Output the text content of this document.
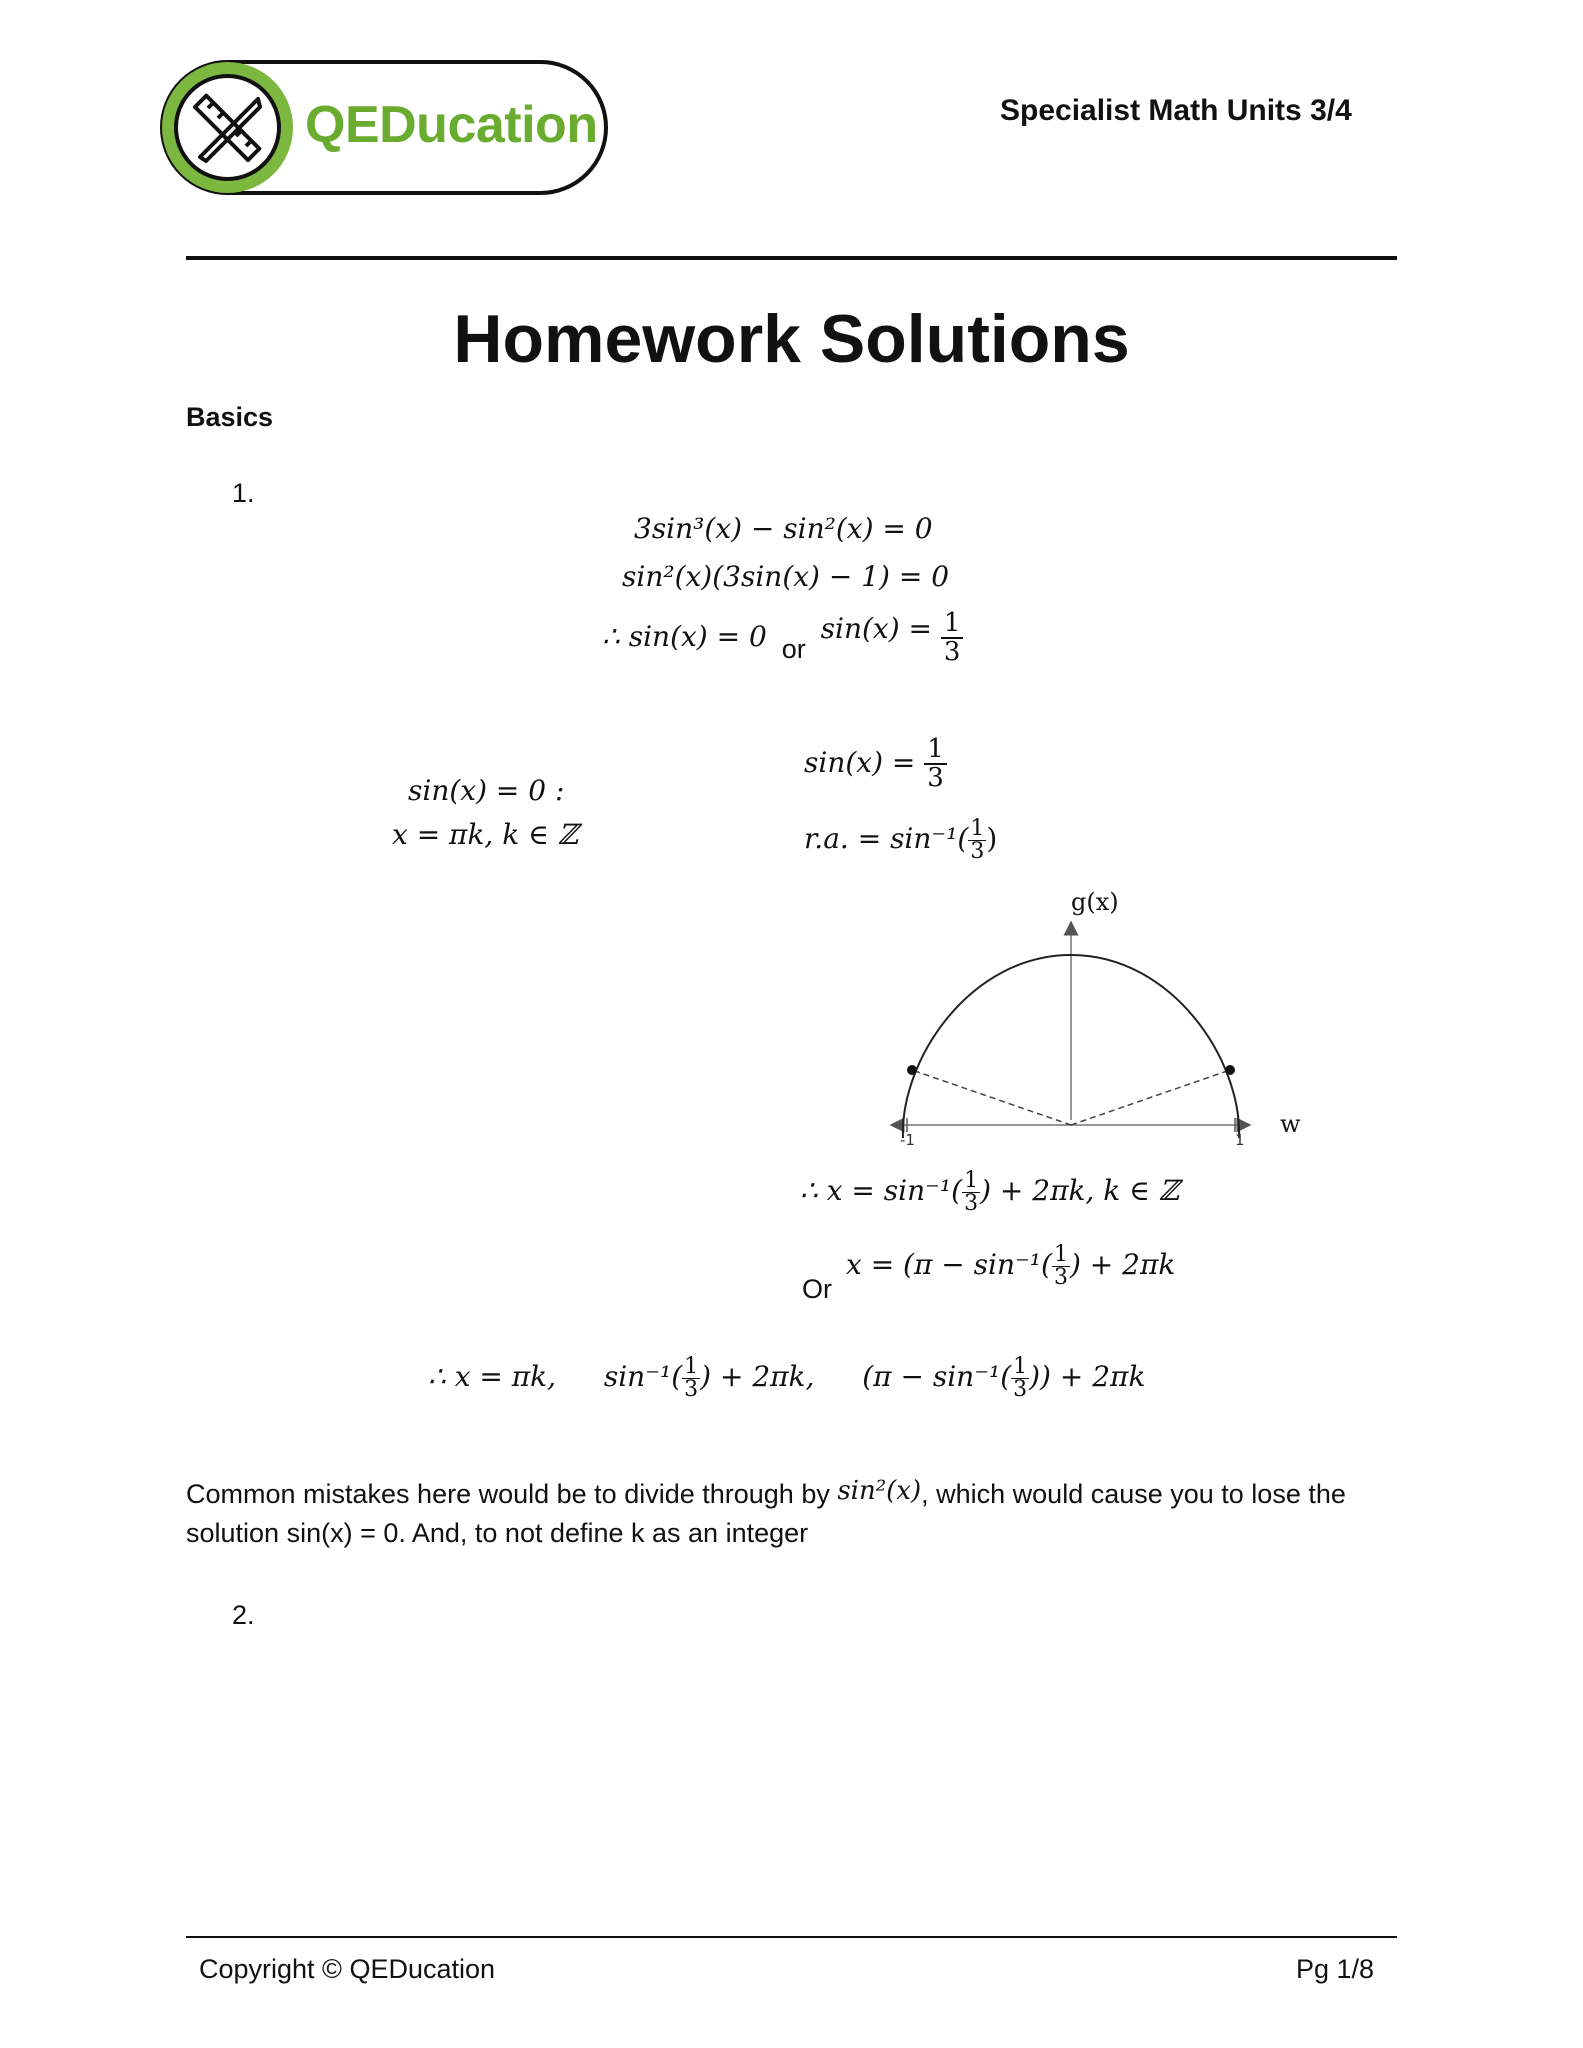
QEDucation	Specialist Math Units 3/4
Homework Solutions
Basics
1.
3sin³(x) − sin²(x) = 0
sin²(x)(3sin(x) − 1) = 0
∴ sin(x) = 0 or $\sin(x) = \frac{1}{3}$
sin(x) = 0 :
x = πk, k ∈ ℤ
$\sin(x) = \frac{1}{3}$
r.a. = $\sin^{-1}( \frac{1}{3}$ )
g(x)
-1	1
w
∴ $x = \sin^{-1}( \frac{1}{3}$ ) + 2πk, k ∈ ℤ
Or
$x = (\pi - \sin^{-1}( \frac{1}{3}$ ) + 2πk
∴ x = πk, $\sin^{-1}( \frac{1}{3}$ ) + 2πk, ($\pi - \sin^{-1}( \frac{1}{3}$ )) + 2πk
Common mistakes here would be to divide through by sin²(x), which would cause you to lose the solution sin(x) = 0. And, to not define k as an integer
2.
Copyright © QEDucation	Pg 1/8
